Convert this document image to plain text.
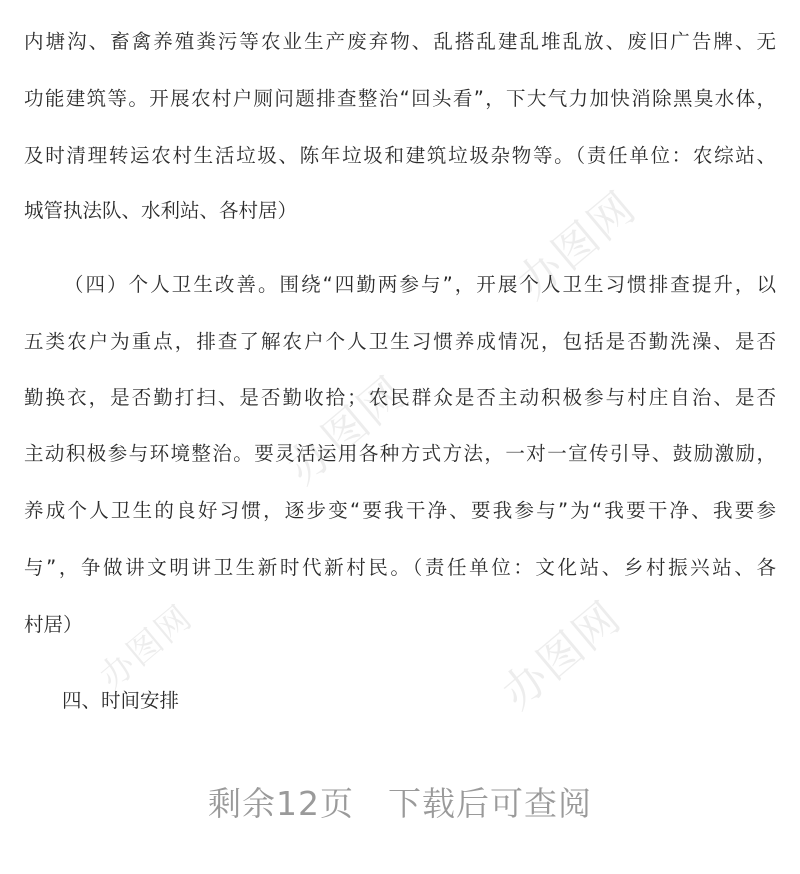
办图网
办图网
办图网
办图网
内塘沟、畜禽养殖粪污等农业生产废弃物、乱搭乱建乱堆乱放、废旧广告牌、无
功能建筑等。开展农村户厕问题排查整治“回头看”，下大气力加快消除黑臭水体，
及时清理转运农村生活垃圾、陈年垃圾和建筑垃圾杂物等。（责任单位：农综站、
城管执法队、水利站、各村居）
（四）个人卫生改善。围绕“四勤两参与”，开展个人卫生习惯排查提升，以
五类农户为重点，排查了解农户个人卫生习惯养成情况，包括是否勤洗澡、是否
勤换衣，是否勤打扫、是否勤收拾；农民群众是否主动积极参与村庄自治、是否
主动积极参与环境整治。要灵活运用各种方式方法，一对一宣传引导、鼓励激励，
养成个人卫生的良好习惯，逐步变“要我干净、要我参与”为“我要干净、我要参
与”，争做讲文明讲卫生新时代新村民。（责任单位：文化站、乡村振兴站、各
村居）
四、时间安排
剩余12页　下载后可查阅
